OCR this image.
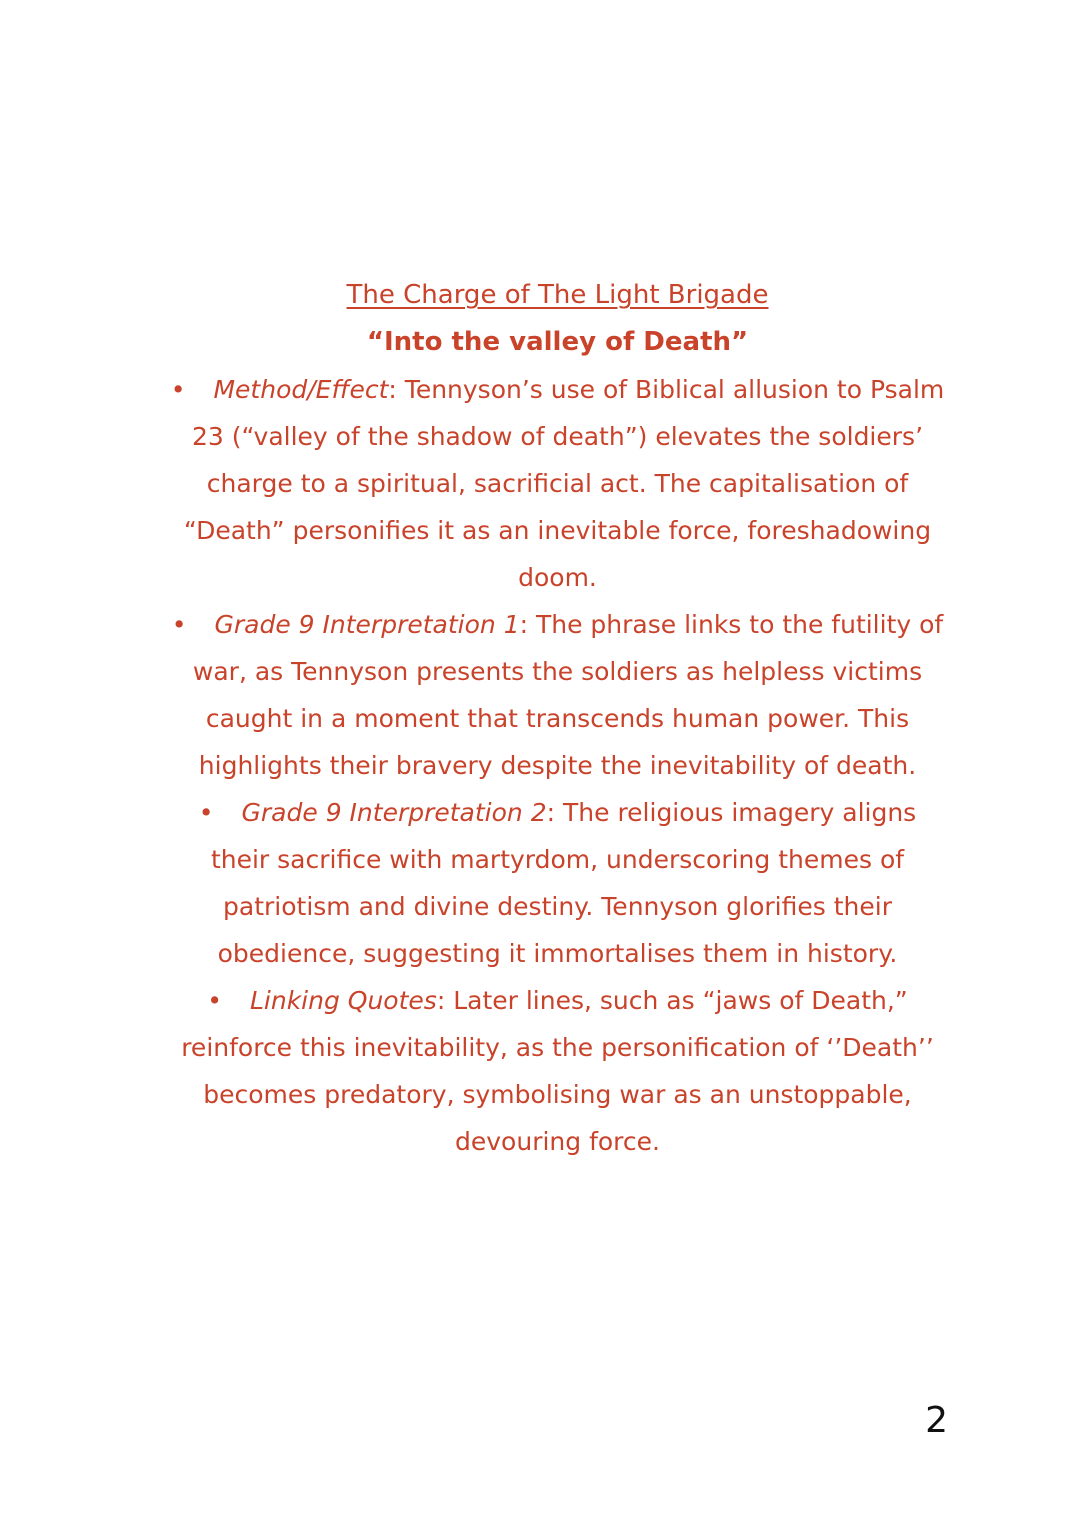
The Charge of The Light Brigade
“Into the valley of Death”

• Method/Effect: Tennyson’s use of Biblical allusion to Psalm 23 (“valley of the shadow of death”) elevates the soldiers’ charge to a spiritual, sacrificial act. The capitalisation of “Death” personifies it as an inevitable force, foreshadowing doom.

• Grade 9 Interpretation 1: The phrase links to the futility of war, as Tennyson presents the soldiers as helpless victims caught in a moment that transcends human power. This highlights their bravery despite the inevitability of death.

• Grade 9 Interpretation 2: The religious imagery aligns their sacrifice with martyrdom, underscoring themes of patriotism and divine destiny. Tennyson glorifies their obedience, suggesting it immortalises them in history.

• Linking Quotes: Later lines, such as “jaws of Death,” reinforce this inevitability, as the personification of ‘’Death’’ becomes predatory, symbolising war as an unstoppable, devouring force.

2
